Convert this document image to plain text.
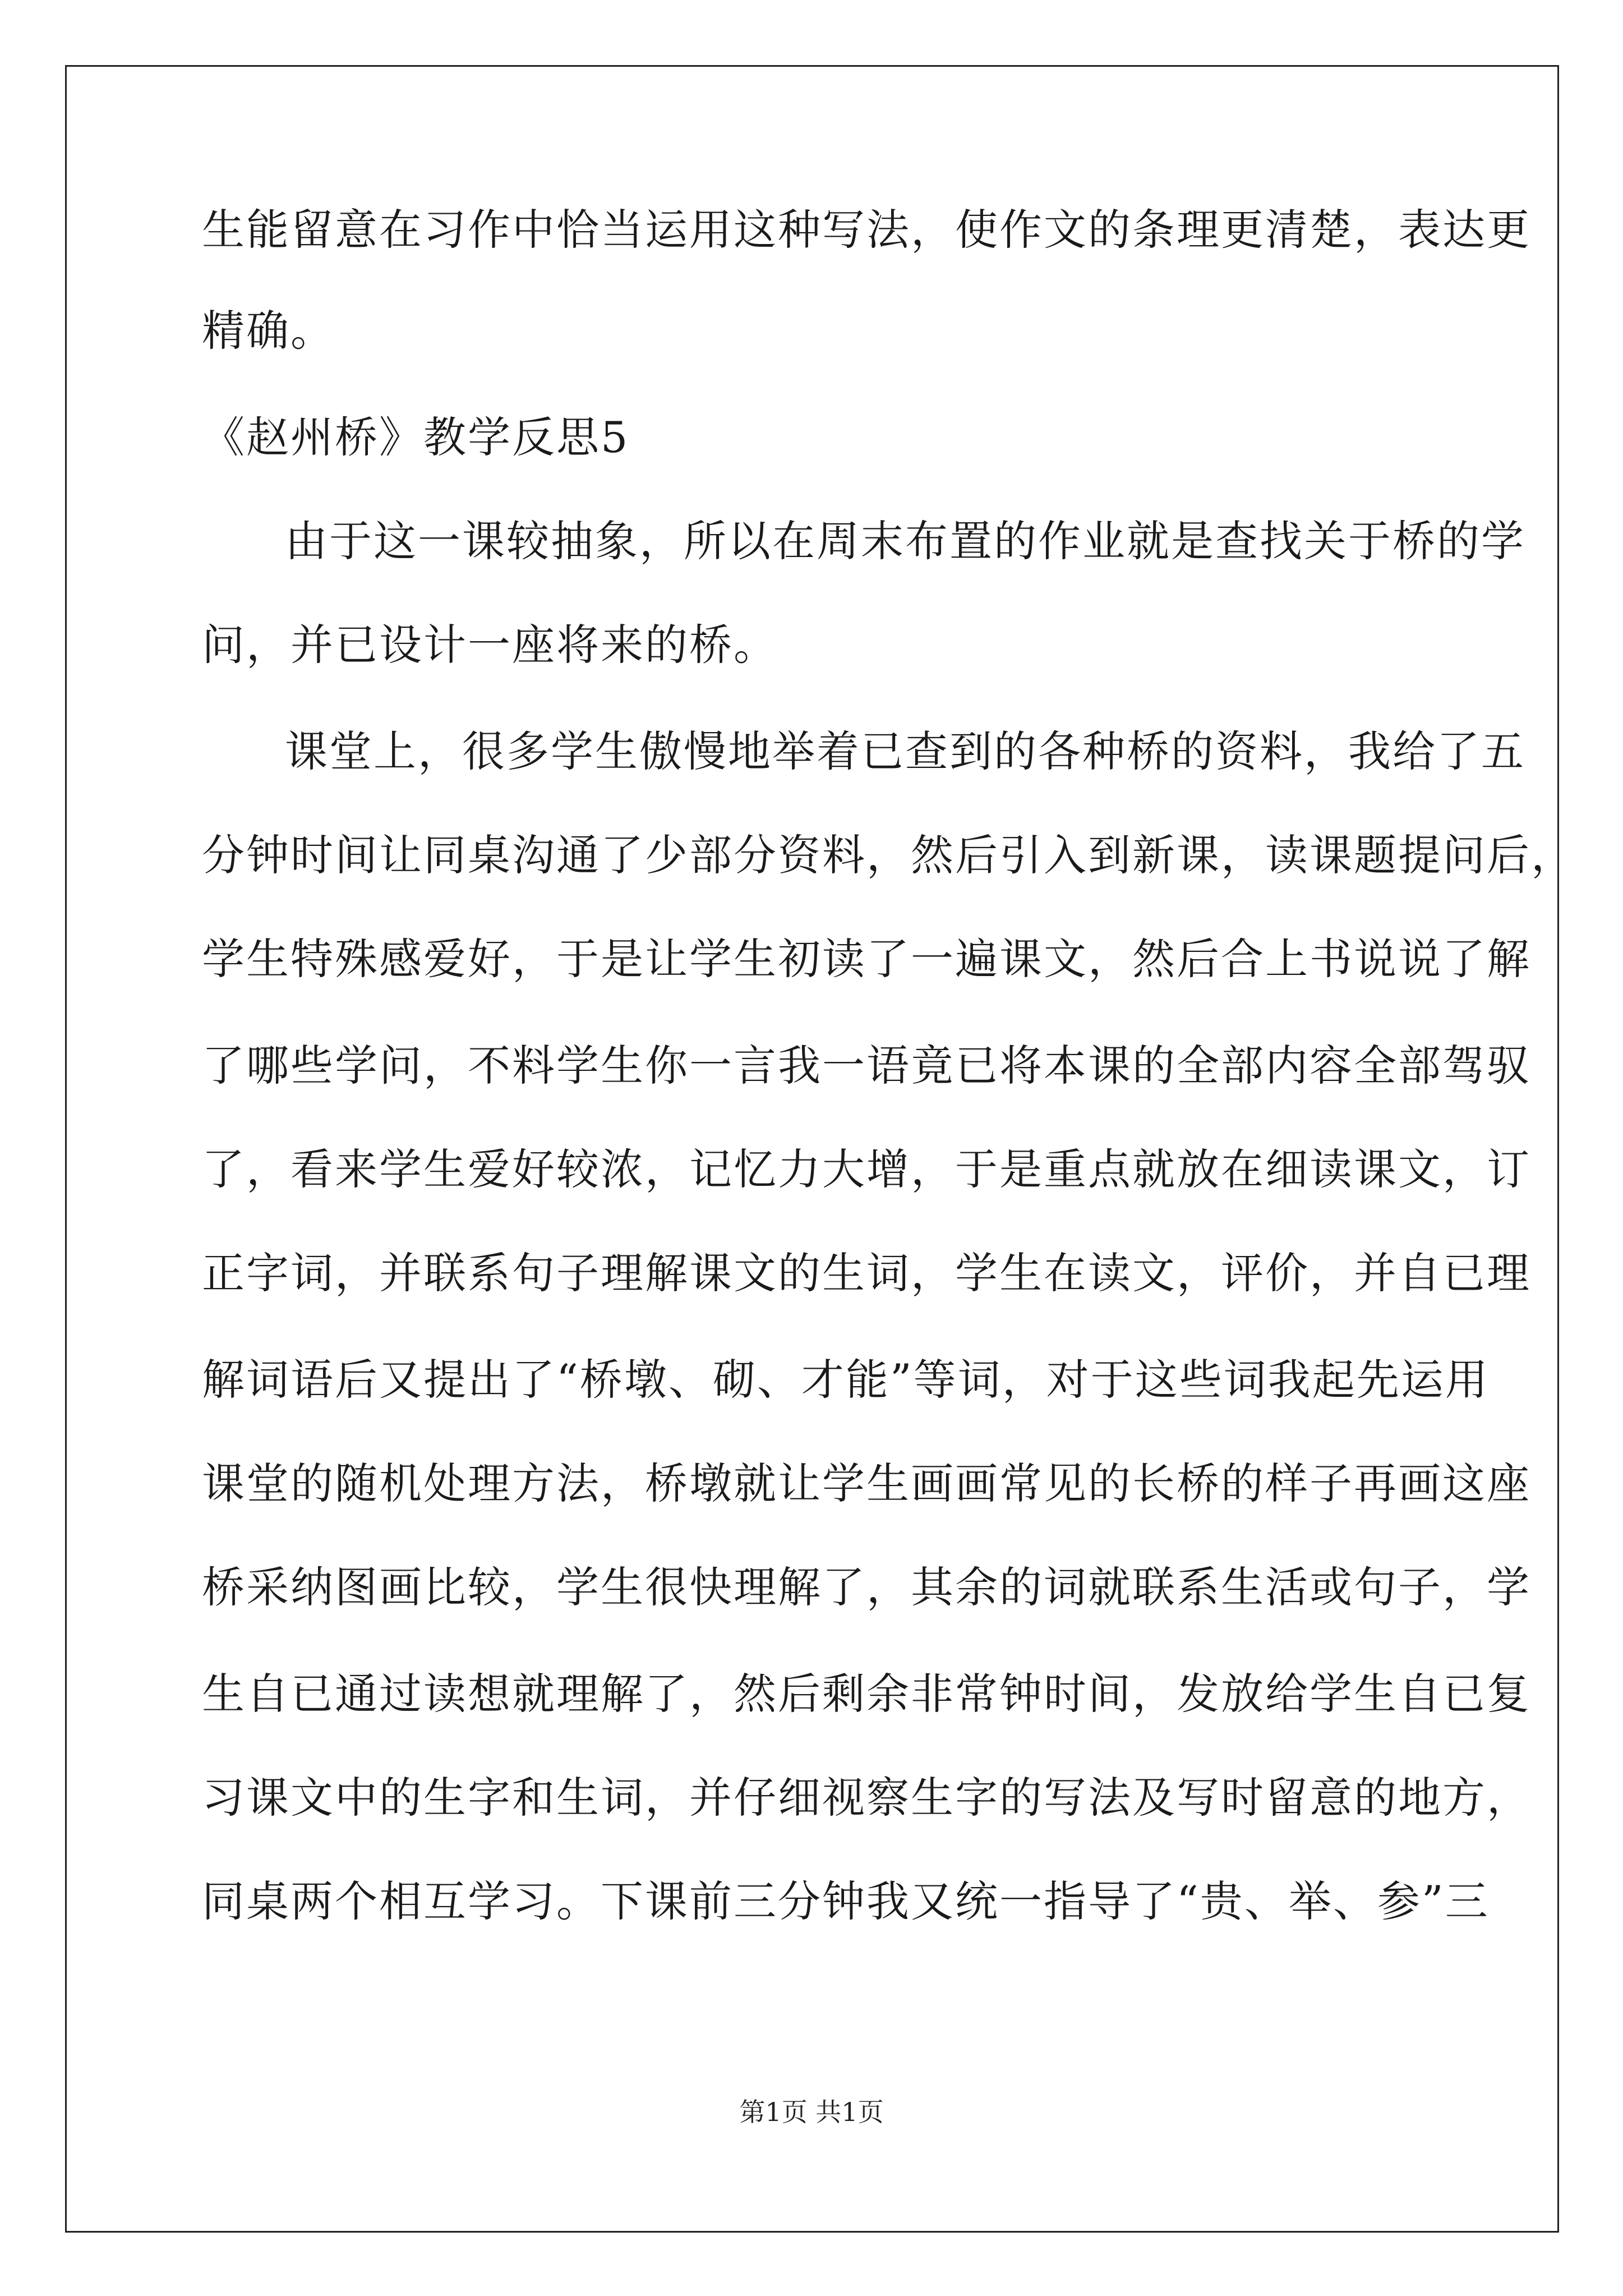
生能留意在习作中恰当运用这种写法，使作文的条理更清楚，表达更
精确。
《赵州桥》教学反思5
由于这一课较抽象，所以在周末布置的作业就是查找关于桥的学
问，并已设计一座将来的桥。
课堂上，很多学生傲慢地举着已查到的各种桥的资料，我给了五
分钟时间让同桌沟通了少部分资料，然后引入到新课，读课题提问后，
学生特殊感爱好，于是让学生初读了一遍课文，然后合上书说说了解
了哪些学问，不料学生你一言我一语竟已将本课的全部内容全部驾驭
了，看来学生爱好较浓，记忆力大增，于是重点就放在细读课文，订
正字词，并联系句子理解课文的生词，学生在读文，评价，并自已理
解词语后又提出了“桥墩、砌、才能”等词，对于这些词我起先运用
课堂的随机处理方法，桥墩就让学生画画常见的长桥的样子再画这座
桥采纳图画比较，学生很快理解了，其余的词就联系生活或句子，学
生自已通过读想就理解了，然后剩余非常钟时间，发放给学生自已复
习课文中的生字和生词，并仔细视察生字的写法及写时留意的地方，
同桌两个相互学习。下课前三分钟我又统一指导了“贵、举、参”三
第1页 共1页
